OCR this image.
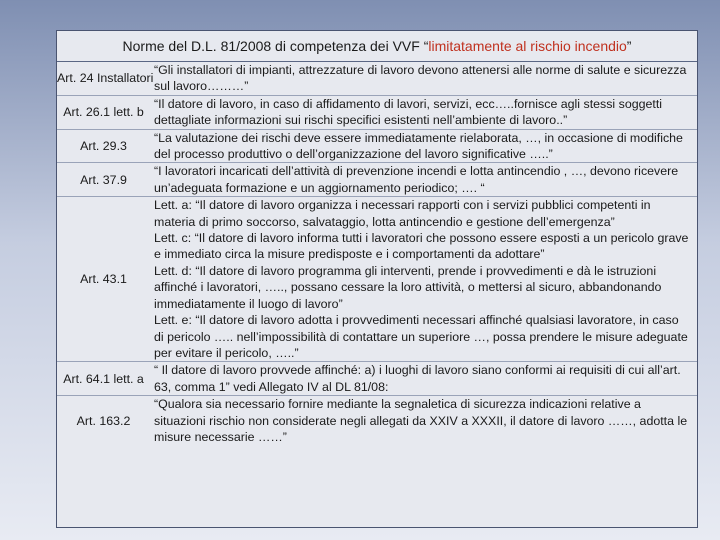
Norme del D.L. 81/2008 di competenza dei VVF “limitatamente al rischio incendio”
Art. 24 Installatori	“Gli installatori di impianti, attrezzature di lavoro devono attenersi alle norme di salute e sicurezza sul lavoro………”
Art. 26.1 lett. b	“Il datore di lavoro, in caso di affidamento di lavori, servizi, ecc…..fornisce agli stessi soggetti dettagliate informazioni sui rischi specifici esistenti nell’ambiente di lavoro..”
Art. 29.3	“La valutazione dei rischi deve essere immediatamente rielaborata, …, in occasione di modifiche del processo produttivo o dell’organizzazione del lavoro significative …..”
Art. 37.9	“I lavoratori incaricati dell’attività di prevenzione incendi e lotta antincendio , …, devono ricevere un’adeguata formazione e un aggiornamento periodico; …. “
Art. 43.1	Lett. a: “Il datore di lavoro organizza i necessari rapporti con i servizi pubblici competenti in materia di primo soccorso, salvataggio, lotta antincendio e gestione dell’emergenza”
Lett. c: “Il datore di lavoro informa tutti i lavoratori che possono essere esposti a un pericolo grave e immediato circa la misure predisposte e i comportamenti da adottare”
Lett. d: “Il datore di lavoro programma gli interventi, prende i provvedimenti e dà le istruzioni affinché i lavoratori, ….., possano cessare la loro attività, o mettersi al sicuro, abbandonando immediatamente il luogo di lavoro”
Lett. e: “Il datore di lavoro adotta i provvedimenti necessari affinché qualsiasi lavoratore, in caso di pericolo ….. nell’impossibilità di contattare un superiore …, possa prendere le misure adeguate per evitare il pericolo, …..”
Art. 64.1 lett. a	“ Il datore di lavoro provvede affinché: a) i luoghi di lavoro siano conformi ai requisiti di cui all’art. 63, comma 1” vedi Allegato IV al DL 81/08:
Art. 163.2	“Qualora sia necessario fornire mediante la segnaletica di sicurezza indicazioni relative a situazioni rischio non considerate negli allegati da XXIV a XXXII, il datore di lavoro ……, adotta le misure necessarie ……”
